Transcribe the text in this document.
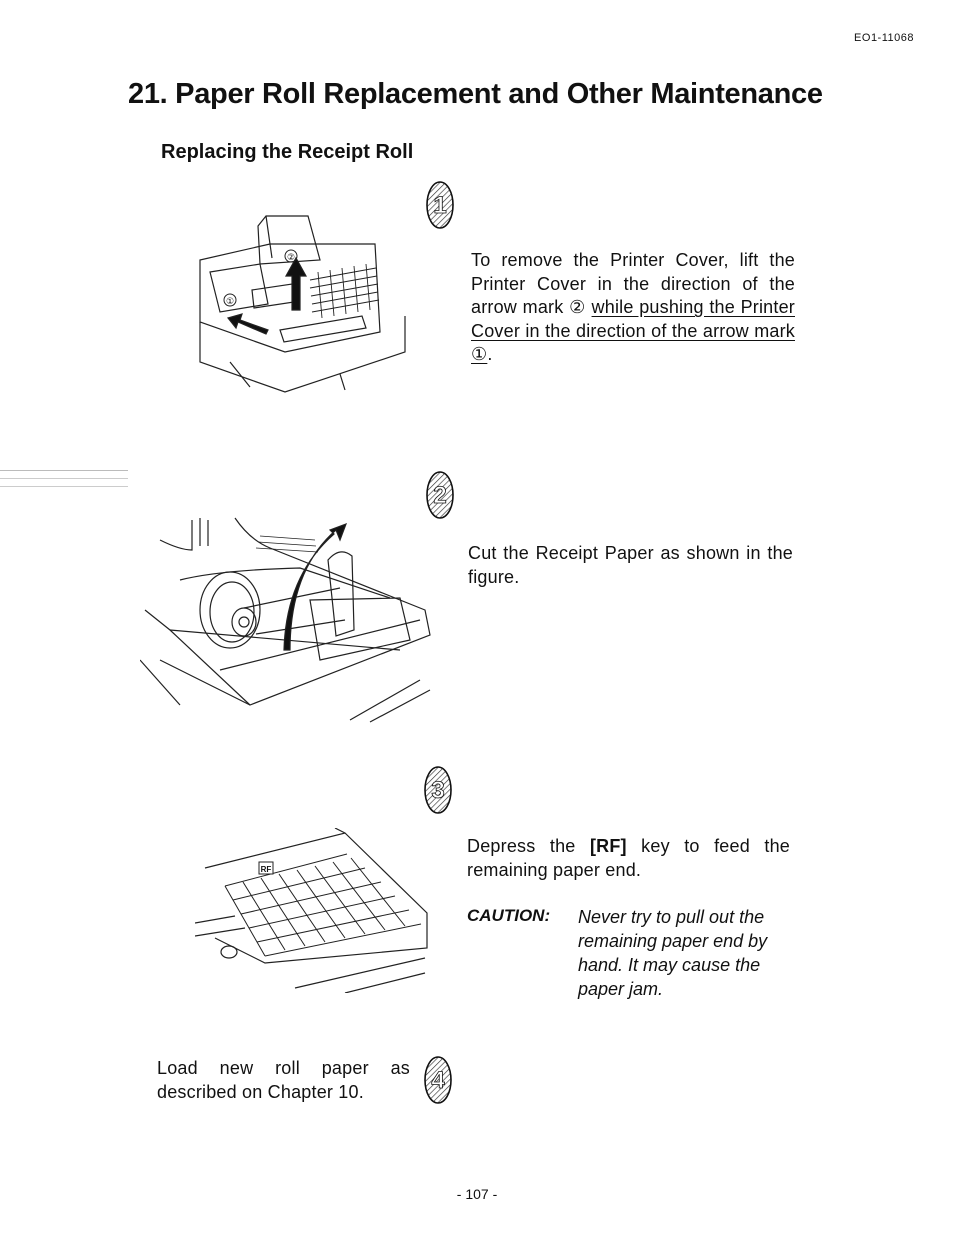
EO1-11068
21. Paper Roll Replacement and Other Maintenance
Replacing the Receipt Roll
1
②
①
To remove the Printer Cover, lift the Printer Cover in the direction of the arrow mark ② while pushing the Printer Cover in the direction of the arrow mark ①.
2
Cut the Receipt Paper as shown in the figure.
3
RF
Depress the [RF] key to feed the remaining paper end.
CAUTION: Never try to pull out the remaining paper end by hand. It may cause the paper jam.
Load new roll paper as described on Chapter 10.	4
- 107 -
